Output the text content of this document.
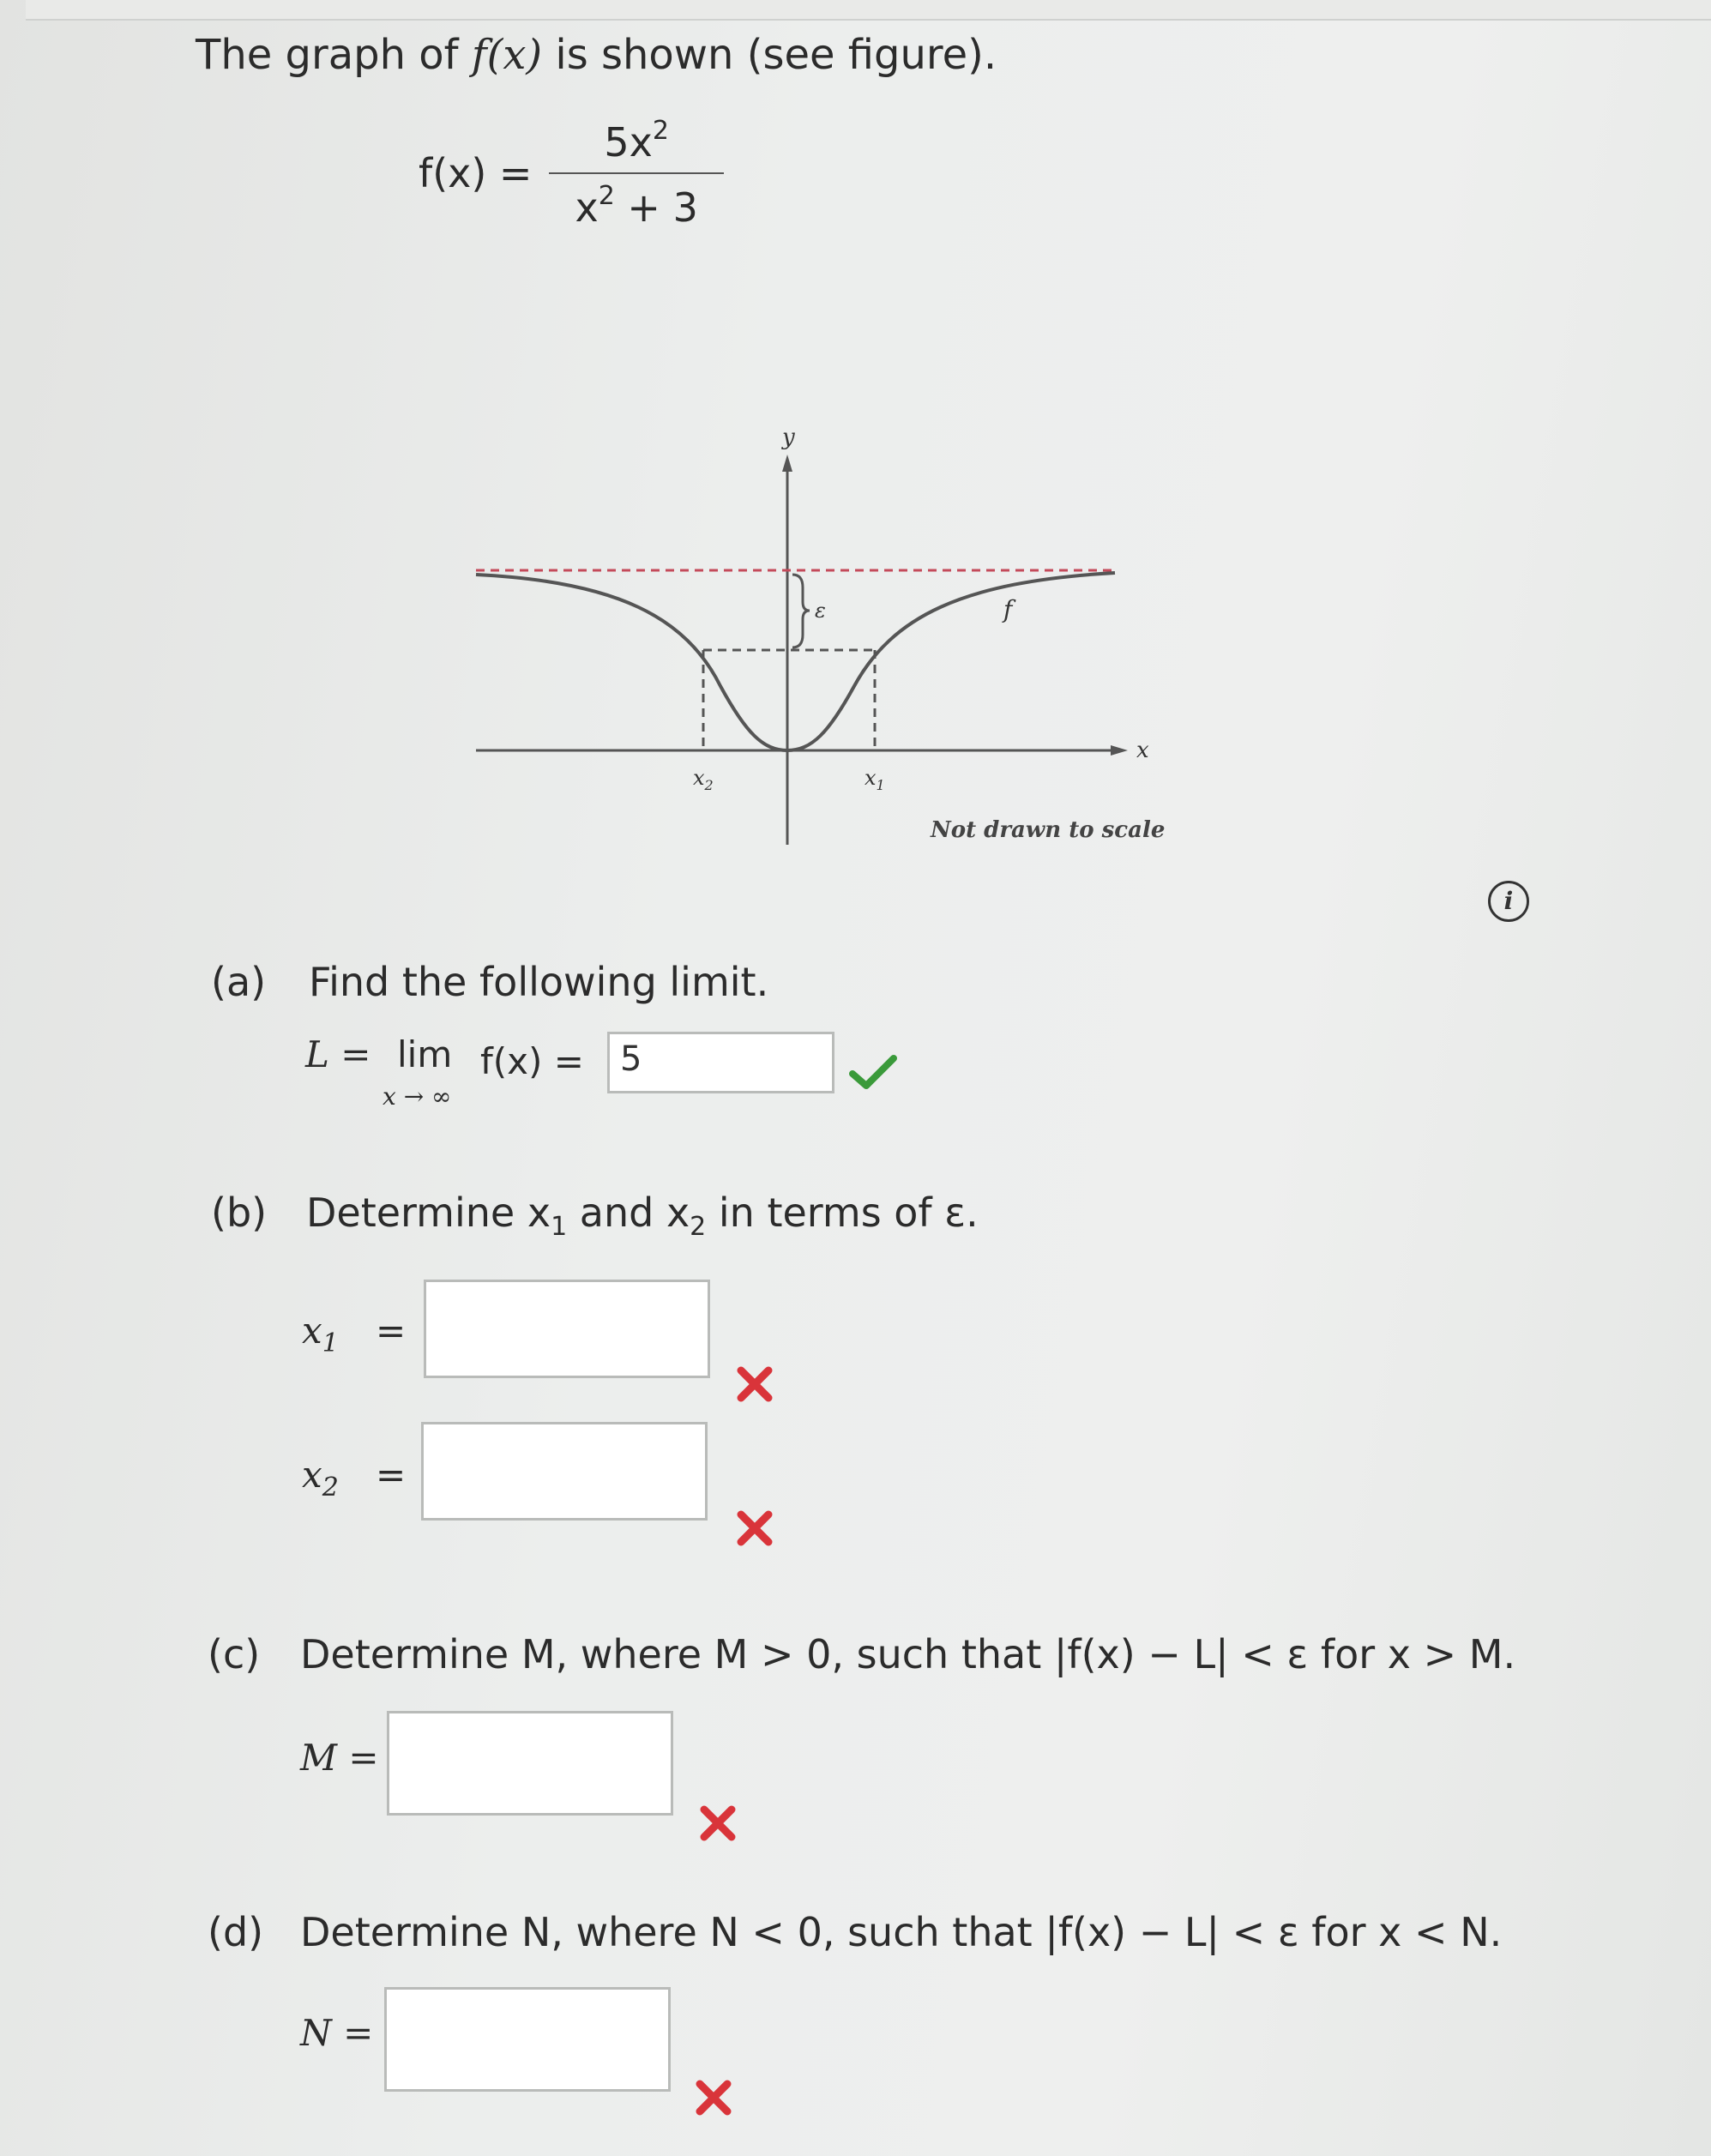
The graph of f(x) is shown (see figure).
$f(x) = \frac{5x^2}{x^2 + 3}$
y
x
ε	f
$x_2$	$x_1$
Not drawn to scale
i
(a) Find the following limit.
L = lim
x → ∞
f(x) =	5
(b) Determine $x_1$ and $x_2$ in terms of ε.
$x_1$ =
$x_2$ =
(c) Determine M, where M > 0, such that |f(x) − L| < ε for x > M.
M =
(d) Determine N, where N < 0, such that |f(x) − L| < ε for x < N.
N =
